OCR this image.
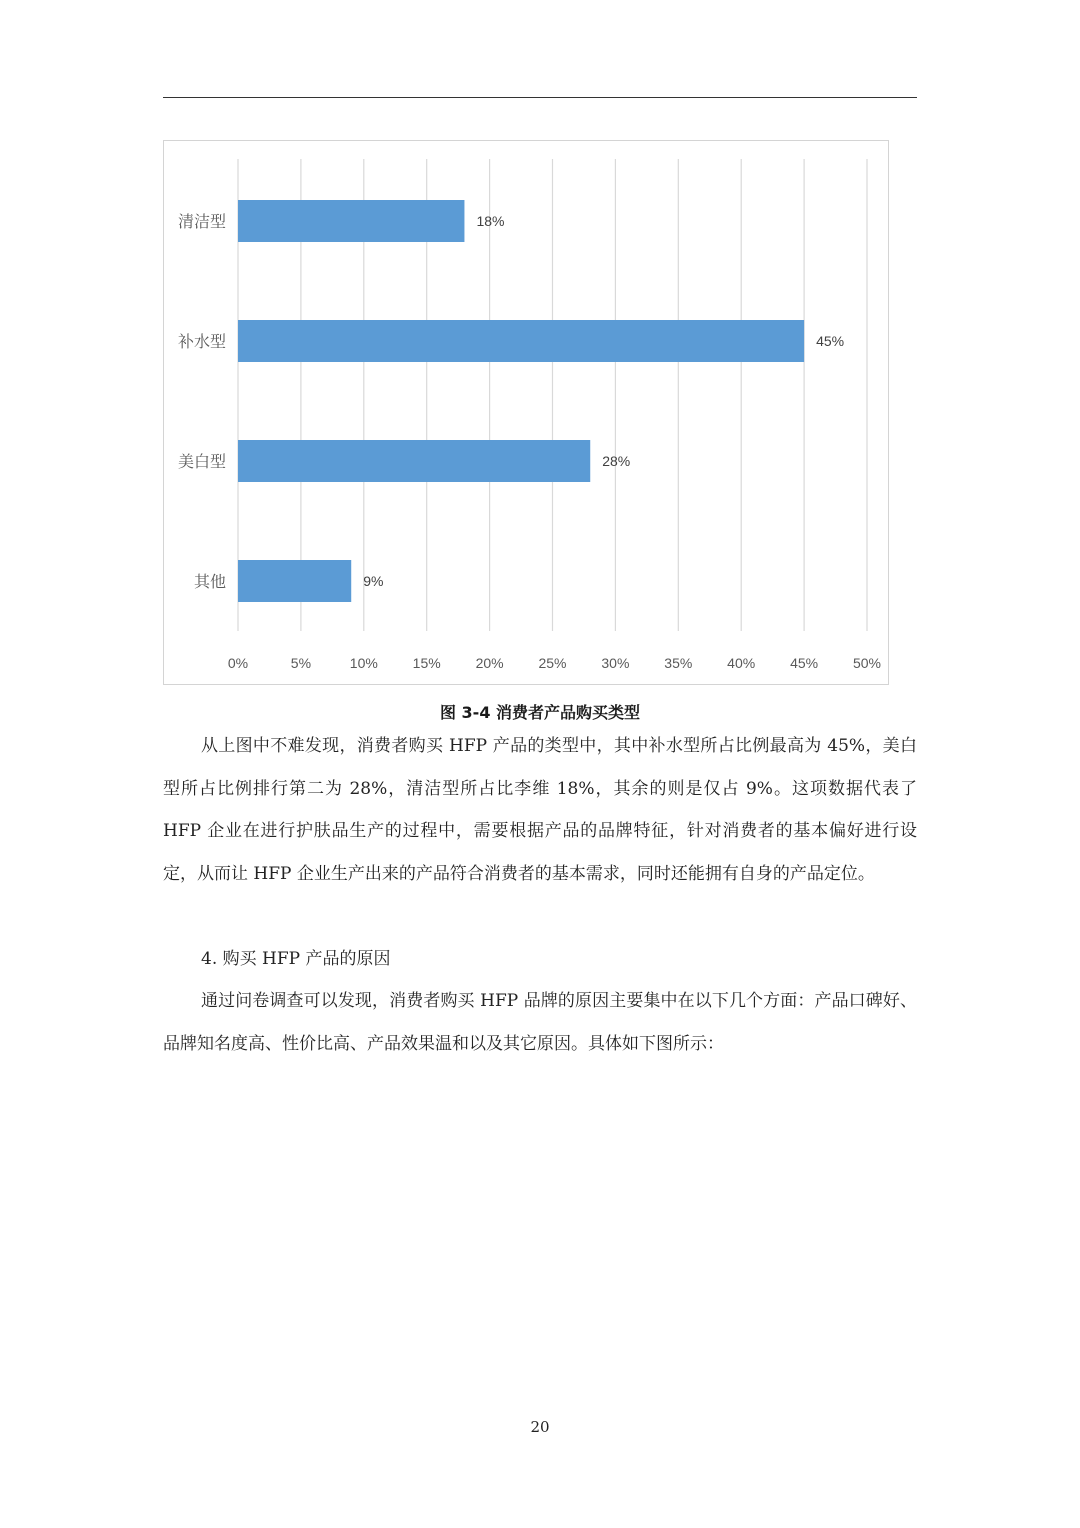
0%	5%	10% 15% 20% 25% 30% 35% 40% 45% 50%
清洁型	18%
补水型	45%
美白型	28%
其他	9%
图 3-4 消费者产品购买类型

从上图中不难发现，消费者购买 HFP 产品的类型中，其中补水型所占比例最高为 45%，美白型所占比例排行第二为 28%，清洁型所占比李维 18%，其余的则是仅占 9%。这项数据代表了 HFP 企业在进行护肤品生产的过程中，需要根据产品的品牌特征，针对消费者的基本偏好进行设定，从而让 HFP 企业生产出来的产品符合消费者的基本需求，同时还能拥有自身的产品定位。

4. 购买 HFP 产品的原因

通过问卷调查可以发现，消费者购买 HFP 品牌的原因主要集中在以下几个方面：产品口碑好、品牌知名度高、性价比高、产品效果温和以及其它原因。具体如下图所示：

20
